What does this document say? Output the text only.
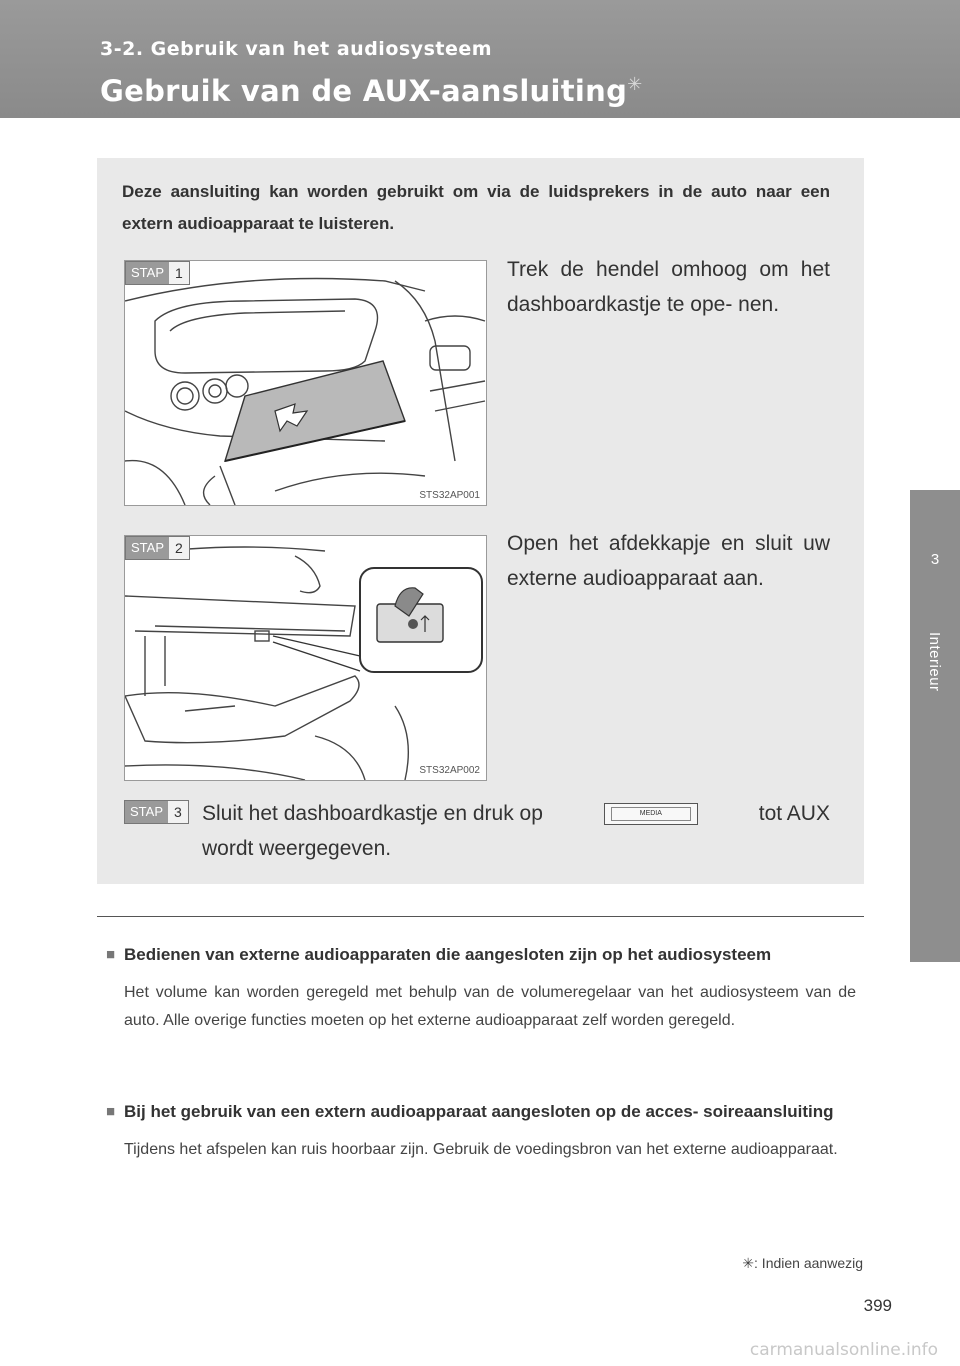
3-2. Gebruik van het audiosysteem
Gebruik van de AUX-aansluiting✳
3
Interieur
Deze aansluiting kan worden gebruikt om via de luidsprekers in de auto naar een extern audioapparaat te luisteren.
STAP 1
STS32AP001
Trek de hendel omhoog om het dashboardkastje te ope- nen.
STAP 2
STS32AP002
Open het afdekkapje en sluit uw externe audioapparaat aan.
STAP 3 Sluit het dashboardkastje en druk op	MEDIA	tot AUX
wordt weergegeven.
■ Bedienen van externe audioapparaten die aangesloten zijn op het audiosysteem
Het volume kan worden geregeld met behulp van de volumeregelaar van het audiosysteem van de auto. Alle overige functies moeten op het externe audioapparaat zelf worden geregeld.
■ Bij het gebruik van een extern audioapparaat aangesloten op de acces- soireaansluiting
Tijdens het afspelen kan ruis hoorbaar zijn. Gebruik de voedingsbron van het externe audioapparaat.
✳: Indien aanwezig
399
carmanualsonline.info
